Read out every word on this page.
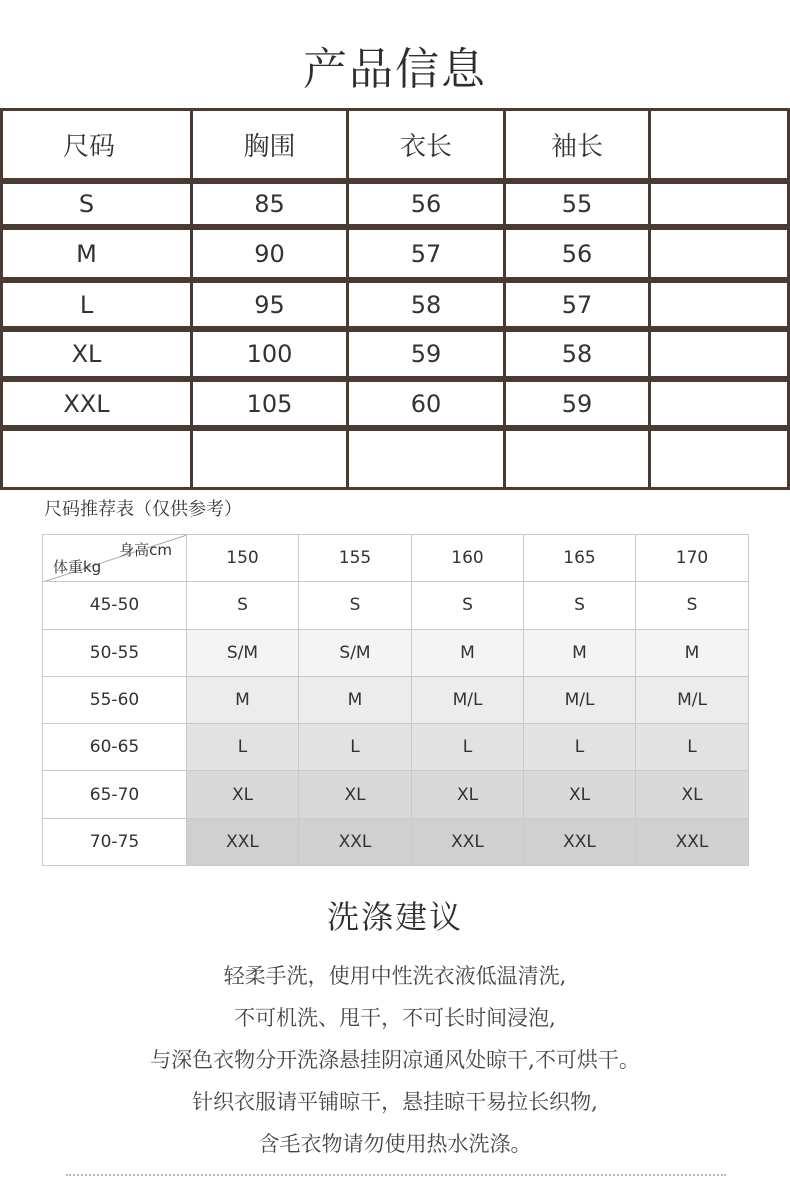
产品信息
尺码	胸围	衣长	袖长
S	85	56	55
M	90	57	56
L	95	58	57
XL	100	59	58
XXL	105	60	59
尺码推荐表（仅供参考）
身高cm
体重kg	150	155	160	165	170
45-50	S	S	S	S	S
50-55	S/M	S/M	M	M	M
55-60	M	M	M/L	M/L	M/L
60-65	L	L	L	L	L
65-70	XL	XL	XL	XL	XL
70-75	XXL	XXL	XXL	XXL	XXL
洗涤建议
轻柔手洗，使用中性洗衣液低温清洗,
不可机洗、甩干，不可长时间浸泡,
与深色衣物分开洗涤悬挂阴凉通风处晾干,不可烘干。
针织衣服请平铺晾干，悬挂晾干易拉长织物,
含毛衣物请勿使用热水洗涤。
